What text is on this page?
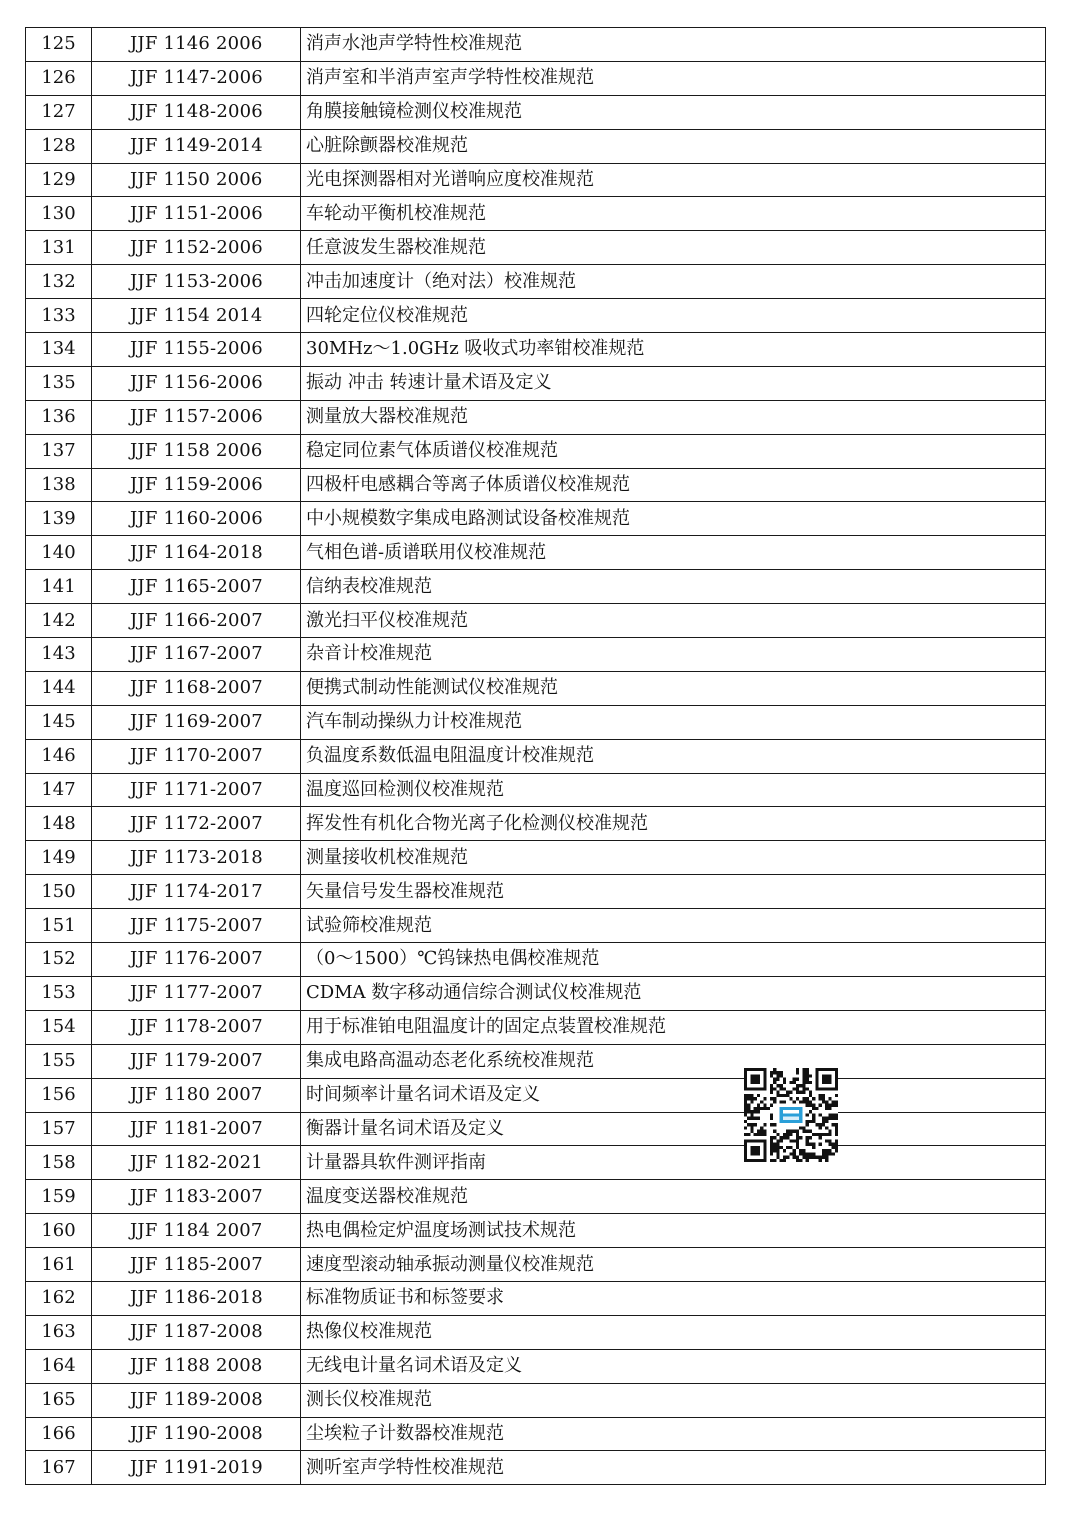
125	JJF 1146 2006	消声水池声学特性校准规范
126	JJF 1147-2006	消声室和半消声室声学特性校准规范
127	JJF 1148-2006	角膜接触镜检测仪校准规范
128	JJF 1149-2014	心脏除颤器校准规范
129	JJF 1150 2006	光电探测器相对光谱响应度校准规范
130	JJF 1151-2006	车轮动平衡机校准规范
131	JJF 1152-2006	任意波发生器校准规范
132	JJF 1153-2006	冲击加速度计（绝对法）校准规范
133	JJF 1154 2014	四轮定位仪校准规范
134	JJF 1155-2006	30MHz～1.0GHz 吸收式功率钳校准规范
135	JJF 1156-2006	振动 冲击 转速计量术语及定义
136	JJF 1157-2006	测量放大器校准规范
137	JJF 1158 2006	稳定同位素气体质谱仪校准规范
138	JJF 1159-2006	四极杆电感耦合等离子体质谱仪校准规范
139	JJF 1160-2006	中小规模数字集成电路测试设备校准规范
140	JJF 1164-2018	气相色谱-质谱联用仪校准规范
141	JJF 1165-2007	信纳表校准规范
142	JJF 1166-2007	激光扫平仪校准规范
143	JJF 1167-2007	杂音计校准规范
144	JJF 1168-2007	便携式制动性能测试仪校准规范
145	JJF 1169-2007	汽车制动操纵力计校准规范
146	JJF 1170-2007	负温度系数低温电阻温度计校准规范
147	JJF 1171-2007	温度巡回检测仪校准规范
148	JJF 1172-2007	挥发性有机化合物光离子化检测仪校准规范
149	JJF 1173-2018	测量接收机校准规范
150	JJF 1174-2017	矢量信号发生器校准规范
151	JJF 1175-2007	试验筛校准规范
152	JJF 1176-2007	（0～1500）℃钨铼热电偶校准规范
153	JJF 1177-2007	CDMA 数字移动通信综合测试仪校准规范
154	JJF 1178-2007	用于标准铂电阻温度计的固定点装置校准规范
155	JJF 1179-2007	集成电路高温动态老化系统校准规范
156	JJF 1180 2007	时间频率计量名词术语及定义
157	JJF 1181-2007	衡器计量名词术语及定义
158	JJF 1182-2021	计量器具软件测评指南
159	JJF 1183-2007	温度变送器校准规范
160	JJF 1184 2007	热电偶检定炉温度场测试技术规范
161	JJF 1185-2007	速度型滚动轴承振动测量仪校准规范
162	JJF 1186-2018	标准物质证书和标签要求
163	JJF 1187-2008	热像仪校准规范
164	JJF 1188 2008	无线电计量名词术语及定义
165	JJF 1189-2008	测长仪校准规范
166	JJF 1190-2008	尘埃粒子计数器校准规范
167	JJF 1191-2019	测听室声学特性校准规范
